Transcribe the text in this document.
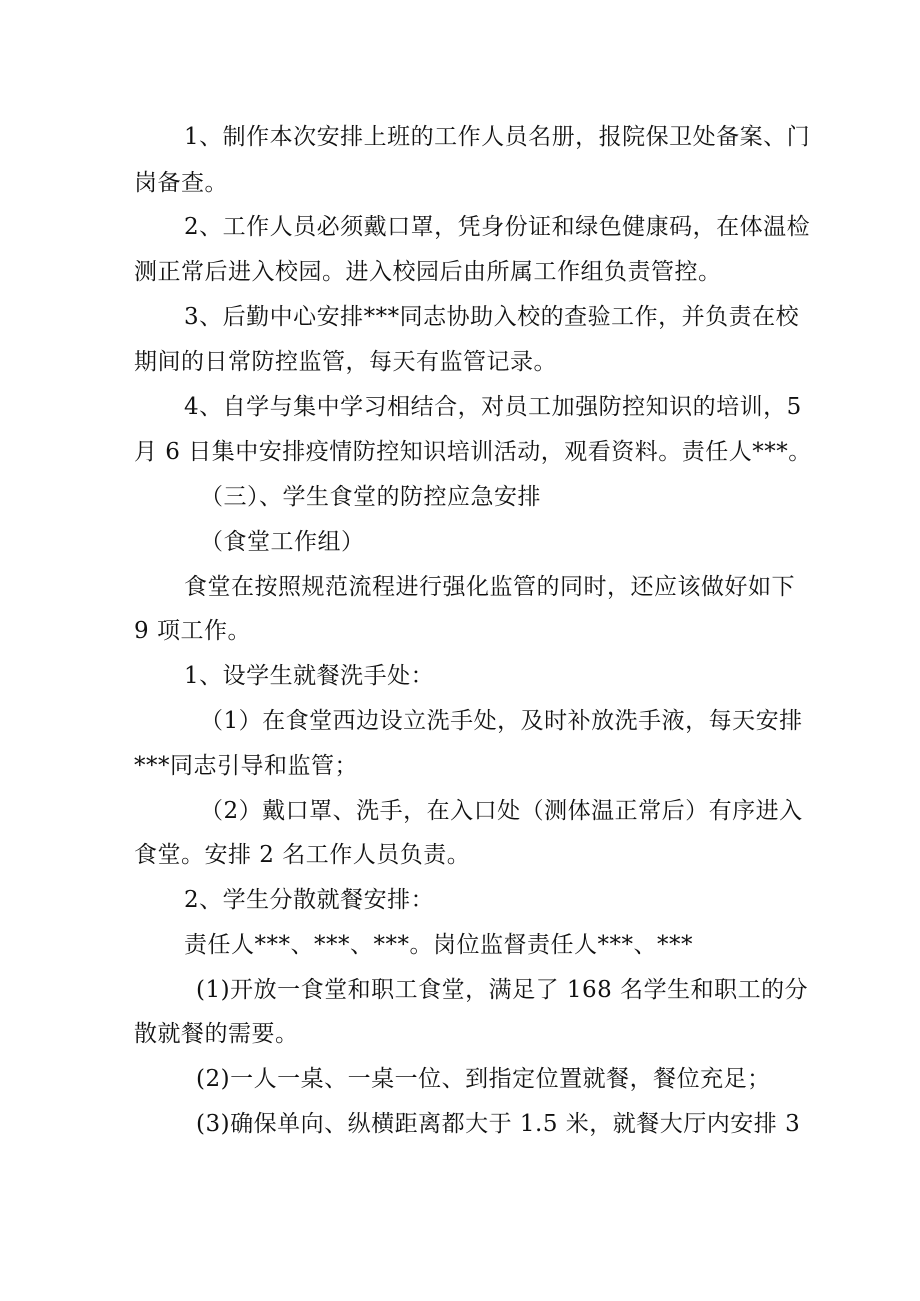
1、制作本次安排上班的工作人员名册，报院保卫处备案、门
岗备查。
2、工作人员必须戴口罩，凭身份证和绿色健康码，在体温检
测正常后进入校园。进入校园后由所属工作组负责管控。
3、后勤中心安排***同志协助入校的查验工作，并负责在校
期间的日常防控监管，每天有监管记录。
4、自学与集中学习相结合，对员工加强防控知识的培训，5
月 6 日集中安排疫情防控知识培训活动，观看资料。责任人***。
（三）、学生食堂的防控应急安排
（食堂工作组）
食堂在按照规范流程进行强化监管的同时，还应该做好如下
9 项工作。
1、设学生就餐洗手处：
（1）在食堂西边设立洗手处，及时补放洗手液，每天安排
***同志引导和监管；
（2）戴口罩、洗手，在入口处（测体温正常后）有序进入
食堂。安排 2 名工作人员负责。
2、学生分散就餐安排：
责任人***、***、***。岗位监督责任人***、***
(1)开放一食堂和职工食堂，满足了 168 名学生和职工的分
散就餐的需要。
(2)一人一桌、一桌一位、到指定位置就餐，餐位充足；
(3)确保单向、纵横距离都大于 1.5 米，就餐大厅内安排 3
